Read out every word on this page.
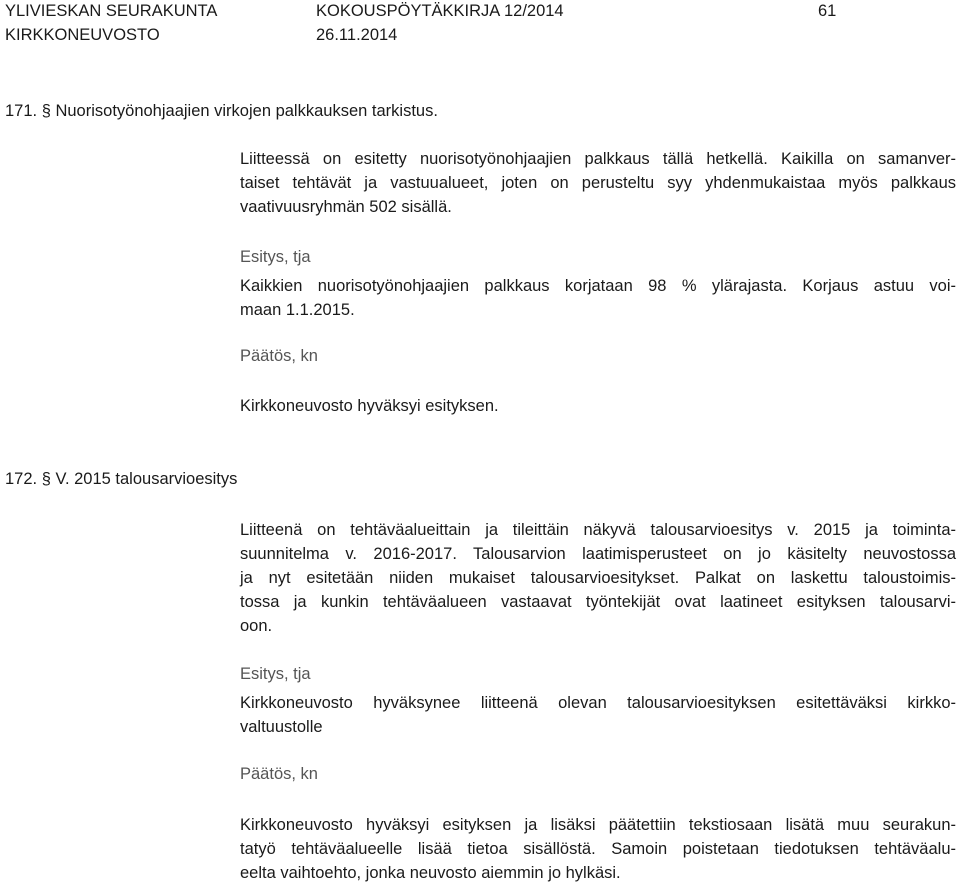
YLIVIESKAN SEURAKUNTA
KIRKKONEUVOSTO
KOKOUSPÖYTÄKKIRJA 12/2014
26.11.2014
61
171. § Nuorisotyönohjaajien virkojen palkkauksen tarkistus.
Liitteessä on esitetty nuorisotyönohjaajien palkkaus tällä hetkellä. Kaikilla on samanver-
taiset tehtävät ja vastuualueet, joten on perusteltu syy yhdenmukaistaa myös palkkaus
vaativuusryhmän 502 sisällä.
Esitys, tja
Kaikkien nuorisotyönohjaajien palkkaus korjataan 98 % ylärajasta. Korjaus astuu voi-
maan 1.1.2015.
Päätös, kn
Kirkkoneuvosto hyväksyi esityksen.
172. § V. 2015 talousarvioesitys
Liitteenä on tehtäväalueittain ja tileittäin näkyvä talousarvioesitys v. 2015 ja toiminta-
suunnitelma v. 2016-2017. Talousarvion laatimisperusteet on jo käsitelty neuvostossa
ja nyt esitetään niiden mukaiset talousarvioesitykset. Palkat on laskettu taloustoimis-
tossa ja kunkin tehtäväalueen vastaavat työntekijät ovat laatineet esityksen talousarvi-
oon.
Esitys, tja
Kirkkoneuvosto hyväksynee liitteenä olevan talousarvioesityksen esitettäväksi kirkko-
valtuustolle
Päätös, kn
Kirkkoneuvosto hyväksyi esityksen ja lisäksi päätettiin tekstiosaan lisätä muu seurakun-
tatyö tehtäväalueelle lisää tietoa sisällöstä. Samoin poistetaan tiedotuksen tehtäväalu-
eelta vaihtoehto, jonka neuvosto aiemmin jo hylkäsi.
